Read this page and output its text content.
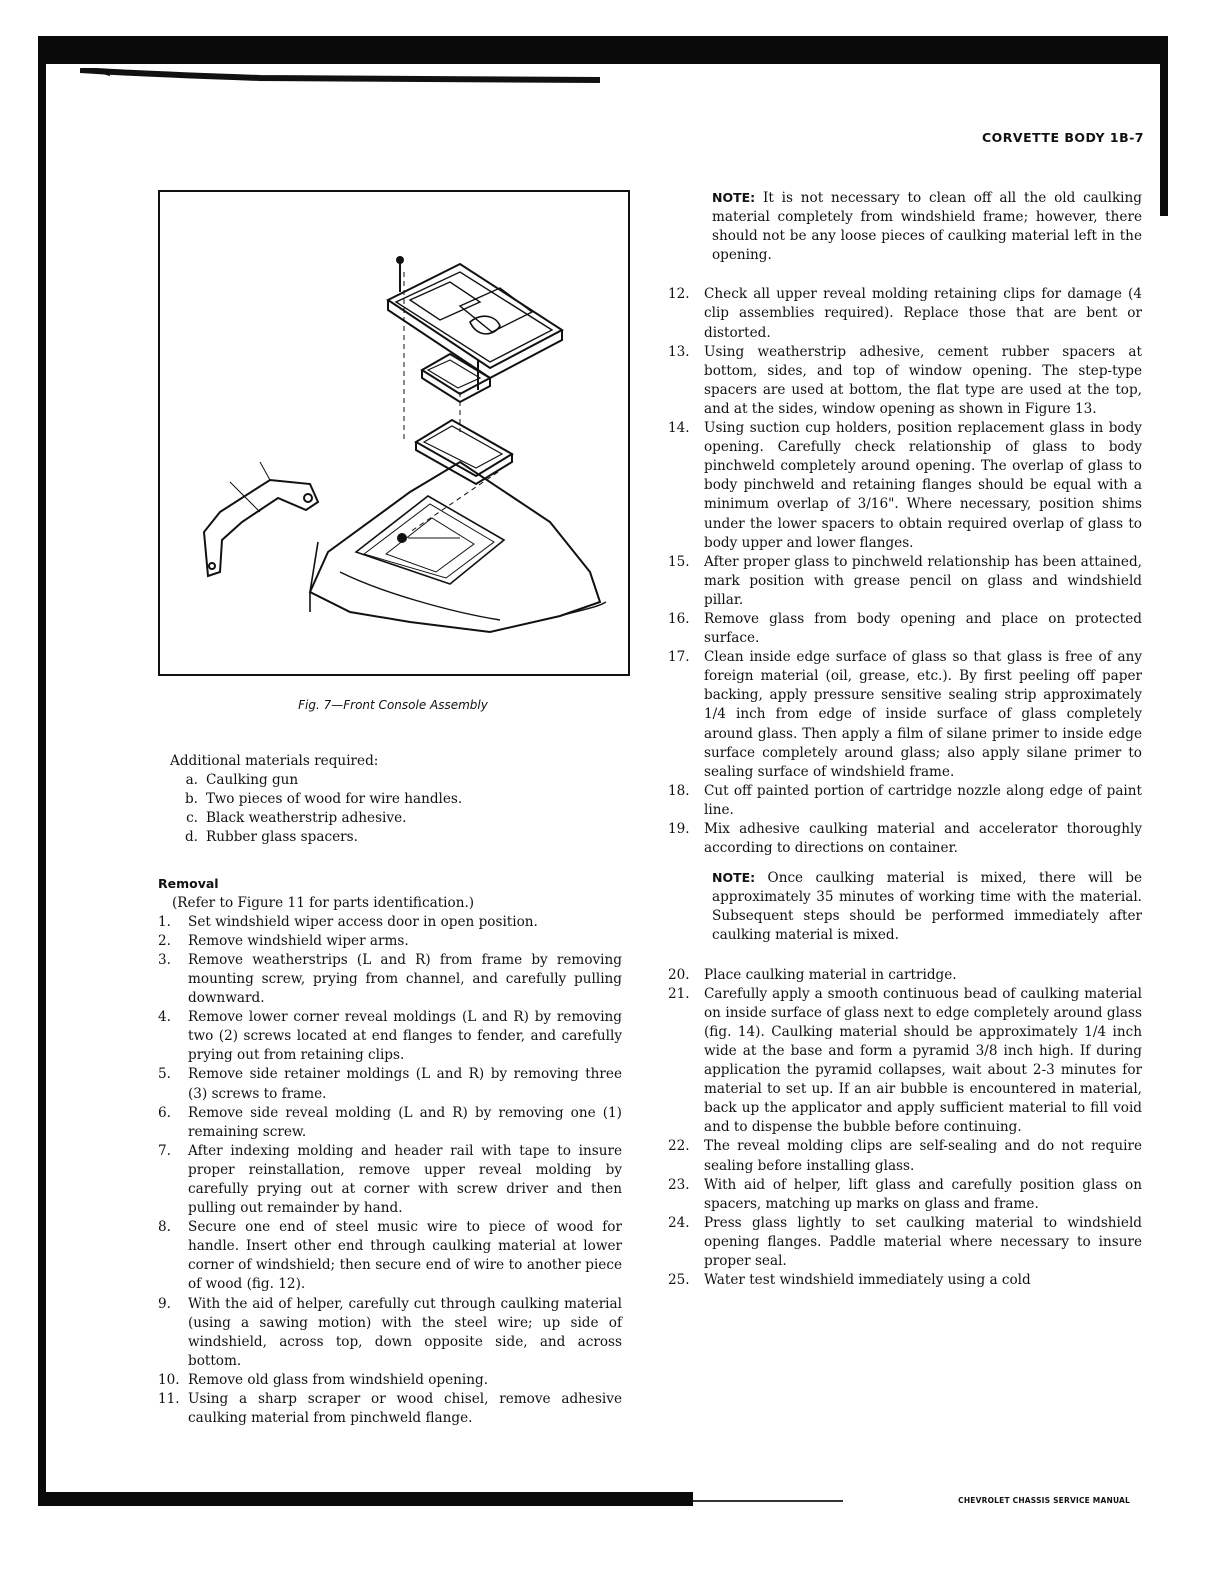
CORVETTE BODY 1B-7
Fig. 7—Front Console Assembly
Additional materials required:
a. Caulking gun
b. Two pieces of wood for wire handles.
c. Black weatherstrip adhesive.
d. Rubber glass spacers.
Removal
(Refer to Figure 11 for parts identification.)
1.	Set windshield wiper access door in open position.
2.	Remove windshield wiper arms.
3.	Remove weatherstrips (L and R) from frame by removing mounting screw, prying from channel, and carefully pulling downward.
4.	Remove lower corner reveal moldings (L and R) by removing two (2) screws located at end flanges to fender, and carefully prying out from retaining clips.
5.	Remove side retainer moldings (L and R) by removing three (3) screws to frame.
6.	Remove side reveal molding (L and R) by removing one (1) remaining screw.
7.	After indexing molding and header rail with tape to insure proper reinstallation, remove upper reveal molding by carefully prying out at corner with screw driver and then pulling out remainder by hand.
8.	Secure one end of steel music wire to piece of wood for handle. Insert other end through caulking material at lower corner of windshield; then secure end of wire to another piece of wood (fig. 12).
9.	With the aid of helper, carefully cut through caulking material (using a sawing motion) with the steel wire; up side of windshield, across top, down opposite side, and across bottom.
10. Remove old glass from windshield opening.
11. Using a sharp scraper or wood chisel, remove adhesive caulking material from pinchweld flange.
NOTE: It is not necessary to clean off all the old caulking material completely from windshield frame; however, there should not be any loose pieces of caulking material left in the opening.
12.	Check all upper reveal molding retaining clips for damage (4 clip assemblies required). Replace those that are bent or distorted.
13.	Using weatherstrip adhesive, cement rubber spacers at bottom, sides, and top of window opening. The step-type spacers are used at bottom, the flat type are used at the top, and at the sides, window opening as shown in Figure 13.
14.	Using suction cup holders, position replacement glass in body opening. Carefully check relationship of glass to body pinchweld completely around opening. The overlap of glass to body pinchweld and retaining flanges should be equal with a minimum overlap of 3/16". Where necessary, position shims under the lower spacers to obtain required overlap of glass to body upper and lower flanges.
15.	After proper glass to pinchweld relationship has been attained, mark position with grease pencil on glass and windshield pillar.
16.	Remove glass from body opening and place on protected surface.
17.	Clean inside edge surface of glass so that glass is free of any foreign material (oil, grease, etc.). By first peeling off paper backing, apply pressure sensitive sealing strip approximately 1/4 inch from edge of inside surface of glass completely around glass. Then apply a film of silane primer to inside edge surface completely around glass; also apply silane primer to sealing surface of windshield frame.
18.	Cut off painted portion of cartridge nozzle along edge of paint line.
19.	Mix adhesive caulking material and accelerator thoroughly according to directions on container.
NOTE: Once caulking material is mixed, there will be approximately 35 minutes of working time with the material. Subsequent steps should be performed immediately after caulking material is mixed.
20.	Place caulking material in cartridge.
21.	Carefully apply a smooth continuous bead of caulking material on inside surface of glass next to edge completely around glass (fig. 14). Caulking material should be approximately 1/4 inch wide at the base and form a pyramid 3/8 inch high. If during application the pyramid collapses, wait about 2-3 minutes for material to set up. If an air bubble is encountered in material, back up the applicator and apply sufficient material to fill void and to dispense the bubble before continuing.
22.	The reveal molding clips are self-sealing and do not require sealing before installing glass.
23.	With aid of helper, lift glass and carefully position glass on spacers, matching up marks on glass and frame.
24.	Press glass lightly to set caulking material to windshield opening flanges. Paddle material where necessary to insure proper seal.
25.	Water test windshield immediately using a cold
CHEVROLET CHASSIS SERVICE MANUAL
